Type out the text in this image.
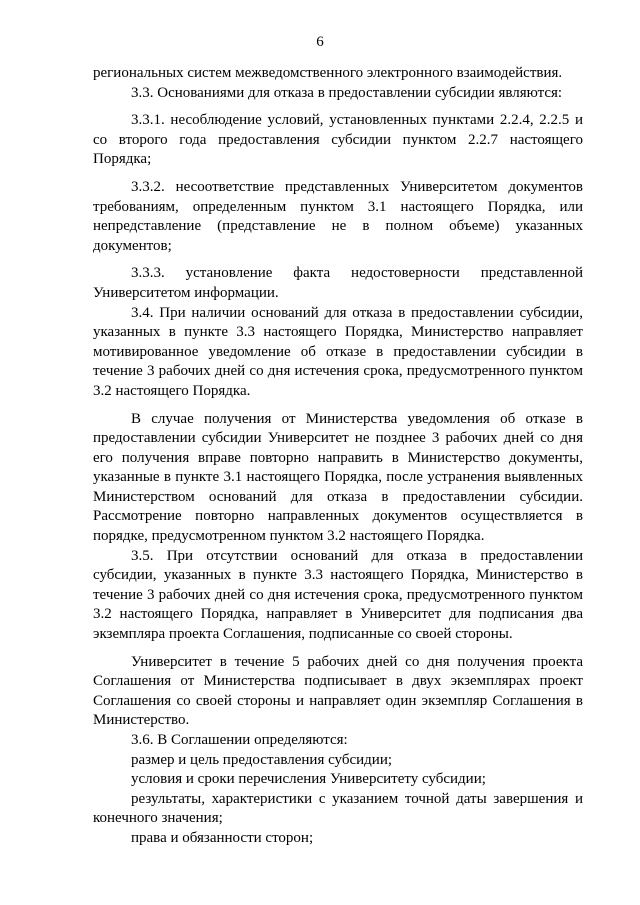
6

региональных систем межведомственного электронного взаимодействия.

3.3. Основаниями для отказа в предоставлении субсидии являются:

3.3.1. несоблюдение условий, установленных пунктами 2.2.4, 2.2.5 и со второго года предоставления субсидии пунктом 2.2.7 настоящего Порядка;

3.3.2. несоответствие представленных Университетом документов требованиям, определенным пунктом 3.1 настоящего Порядка, или непредставление (представление не в полном объеме) указанных документов;

3.3.3. установление факта недостоверности представленной Университетом информации.

3.4. При наличии оснований для отказа в предоставлении субсидии, указанных в пункте 3.3 настоящего Порядка, Министерство направляет мотивированное уведомление об отказе в предоставлении субсидии в течение 3 рабочих дней со дня истечения срока, предусмотренного пунктом 3.2 настоящего Порядка.

В случае получения от Министерства уведомления об отказе в предоставлении субсидии Университет не позднее 3 рабочих дней со дня его получения вправе повторно направить в Министерство документы, указанные в пункте 3.1 настоящего Порядка, после устранения выявленных Министерством оснований для отказа в предоставлении субсидии. Рассмотрение повторно направленных документов осуществляется в порядке, предусмотренном пунктом 3.2 настоящего Порядка.

3.5. При отсутствии оснований для отказа в предоставлении субсидии, указанных в пункте 3.3 настоящего Порядка, Министерство в течение 3 рабочих дней со дня истечения срока, предусмотренного пунктом 3.2 настоящего Порядка, направляет в Университет для подписания два экземпляра проекта Соглашения, подписанные со своей стороны.

Университет в течение 5 рабочих дней со дня получения проекта Соглашения от Министерства подписывает в двух экземплярах проект Соглашения со своей стороны и направляет один экземпляр Соглашения в Министерство.

3.6. В Соглашении определяются:

размер и цель предоставления субсидии;

условия и сроки перечисления Университету субсидии;

результаты, характеристики с указанием точной даты завершения и конечного значения;

права и обязанности сторон;
